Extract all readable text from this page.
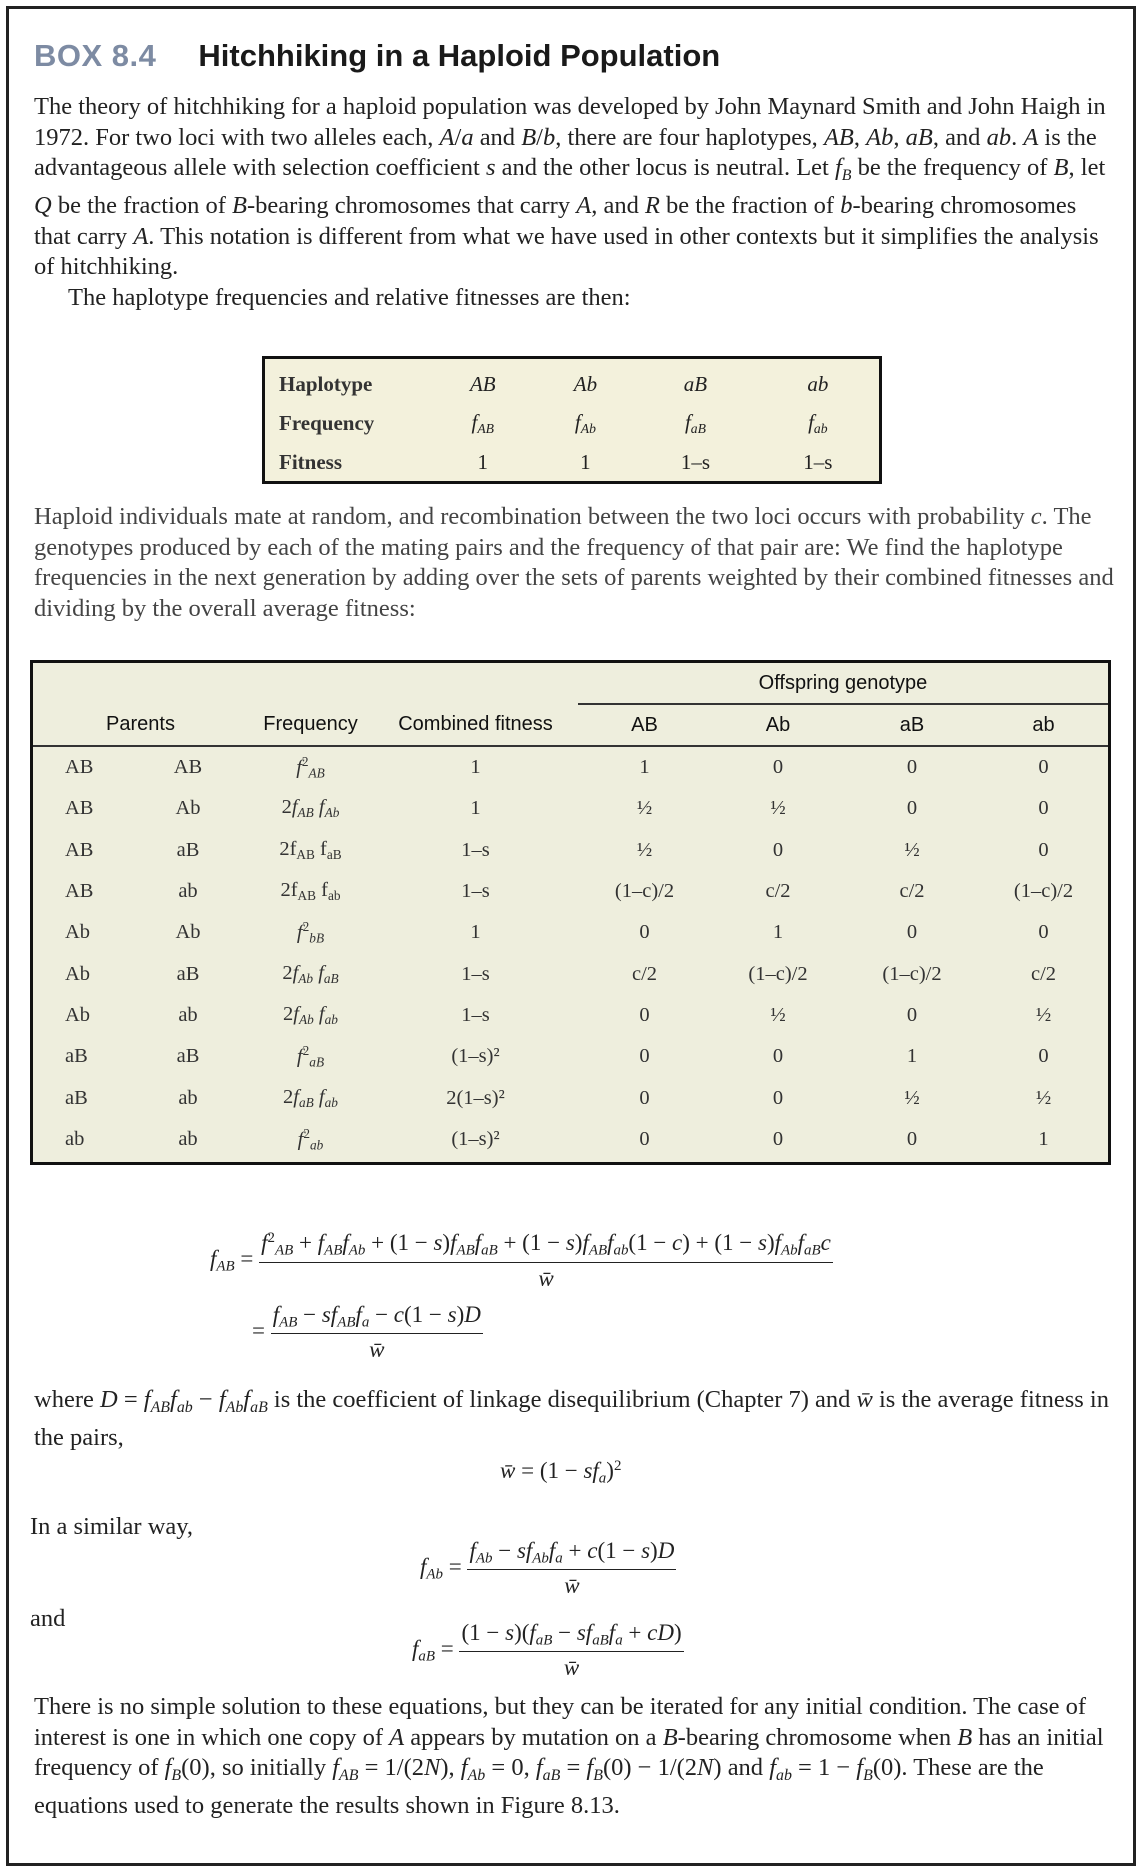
BOX 8.4 Hitchhiking in a Haploid Population

The theory of hitchhiking for a haploid population was developed by John Maynard Smith and John Haigh in 1972. For two loci with two alleles each, A/a and B/b, there are four haplotypes, AB, Ab, aB, and ab. A is the advantageous allele with selection coefficient s and the other locus is neutral. Let $f_B$ be the frequency of B, let Q be the fraction of B-bearing chromosomes that carry A, and R be the fraction of b-bearing chromosomes that carry A. This notation is different from what we have used in other contexts but it simplifies the analysis of hitchhiking.

The haplotype frequencies and relative fitnesses are then:

Haplotype	AB	Ab	aB	ab
Frequency	$f_{AB}$	$f_{Ab}$	$f_{aB}$	$f_{ab}$
Fitness	1	1	1–s	1–s

Haploid individuals mate at random, and recombination between the two loci occurs with probability c. The genotypes produced by each of the mating pairs and the frequency of that pair are: We find the haplotype frequencies in the next generation by adding over the sets of parents weighted by their combined fitnesses and dividing by the overall average fitness:

				Offspring genotype			
Parents		Frequency	Combined fitness	AB	Ab	aB	ab
AB	AB	$f^2_{AB}$	1	1	0	0	0
AB	Ab	$2f_{AB}$ $f_{Ab}$	1	½	½	0	0
AB	aB	$2f_{AB}$ $f_{aB}$	1–s	½	0	½	0
AB	ab	$2f_{AB}$ $f_{ab}$	1–s	(1–c)/2	c/2	c/2	(1–c)/2
Ab	Ab	$f^2_{bB}$	1	0	1	0	0
Ab	aB	$2f_{Ab}$ $f_{aB}$	1–s	c/2	(1–c)/2	(1–c)/2	c/2
Ab	ab	$2f_{Ab}$ $f_{ab}$	1–s	0	½	0	½
aB	aB	$f^2_{aB}$	(1–s)²	0	0	1	0
aB	ab	$2f_{aB}$ $f_{ab}$	2(1–s)²	0	0	½	½
ab	ab	$f^2_{ab}$	(1–s)²	0	0	0	1
$f_{AB}$ =
$f^2_{AB} + f_{AB}f_{Ab} + (1 - s)f_{AB}f_{aB} + (1 - s)f_{AB}f_{ab}(1 - c) + (1 - s)f_{Ab}f_{aB}c$
w̄
= $\frac{f_{AB} - sf_{AB}f_a - c(1 - s)D}{w̄}$

where $D = f_{AB}f_{ab} - f_{Ab}f_{aB}$ is the coefficient of linkage disequilibrium (Chapter 7) and w̄ is the average fitness in the pairs,

w̄ = $(1 - sf_a)^2$
In a similar way,
$f_{Ab} = \frac{f_{Ab} - sf_{Ab}f_a + c(1 - s)D}{w̄}$
and
$f_{aB} = \frac{(1 - s)(f_{aB} - sf_{aB}f_a + cD)}{w̄}$

There is no simple solution to these equations, but they can be iterated for any initial condition. The case of interest is one in which one copy of A appears by mutation on a B-bearing chromosome when B has an initial frequency of $f_B(0)$, so initially $f_{AB} = 1/(2N)$, $f_{Ab} = 0$, $f_{aB} = f_B(0) - 1/(2N)$ and $f_{ab} = 1 - f_B(0)$. These are the equations used to generate the results shown in Figure 8.13.
